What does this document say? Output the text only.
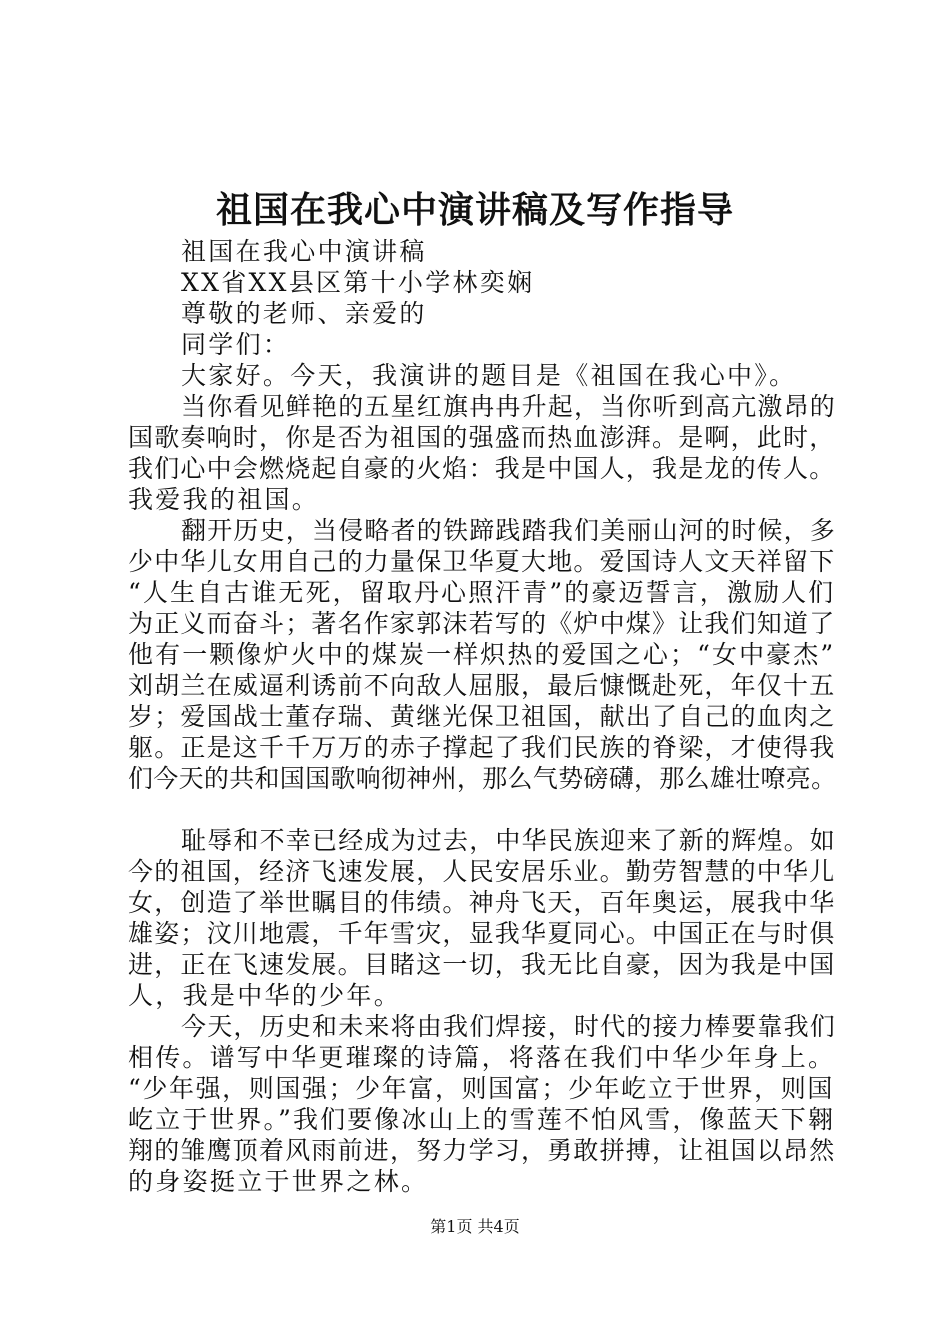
祖国在我心中演讲稿及写作指导
祖国在我心中演讲稿
XX省XX县区第十小学林奕娴
尊敬的老师、亲爱的
同学们：
大家好。今天，我演讲的题目是《祖国在我心中》。
当你看见鲜艳的五星红旗冉冉升起，当你听到高亢激昂的
国歌奏响时，你是否为祖国的强盛而热血澎湃。是啊，此时，
我们心中会燃烧起自豪的火焰：我是中国人，我是龙的传人。
我爱我的祖国。
翻开历史，当侵略者的铁蹄践踏我们美丽山河的时候，多
少中华儿女用自己的力量保卫华夏大地。爱国诗人文天祥留下
“人生自古谁无死，留取丹心照汗青”的豪迈誓言，激励人们
为正义而奋斗；著名作家郭沫若写的《炉中煤》让我们知道了
他有一颗像炉火中的煤炭一样炽热的爱国之心；“女中豪杰”
刘胡兰在威逼利诱前不向敌人屈服，最后慷慨赴死，年仅十五
岁；爱国战士董存瑞、黄继光保卫祖国，献出了自己的血肉之
躯。正是这千千万万的赤子撑起了我们民族的脊梁，才使得我
们今天的共和国国歌响彻神州，那么气势磅礴，那么雄壮嘹亮。
耻辱和不幸已经成为过去，中华民族迎来了新的辉煌。如
今的祖国，经济飞速发展，人民安居乐业。勤劳智慧的中华儿
女，创造了举世瞩目的伟绩。神舟飞天，百年奥运，展我中华
雄姿；汶川地震，千年雪灾，显我华夏同心。中国正在与时俱
进，正在飞速发展。目睹这一切，我无比自豪，因为我是中国
人，我是中华的少年。
今天，历史和未来将由我们焊接，时代的接力棒要靠我们
相传。谱写中华更璀璨的诗篇，将落在我们中华少年身上。
“少年强，则国强；少年富，则国富；少年屹立于世界，则国
屹立于世界。”我们要像冰山上的雪莲不怕风雪，像蓝天下翱
翔的雏鹰顶着风雨前进，努力学习，勇敢拼搏，让祖国以昂然
的身姿挺立于世界之林。
第1页 共4页
